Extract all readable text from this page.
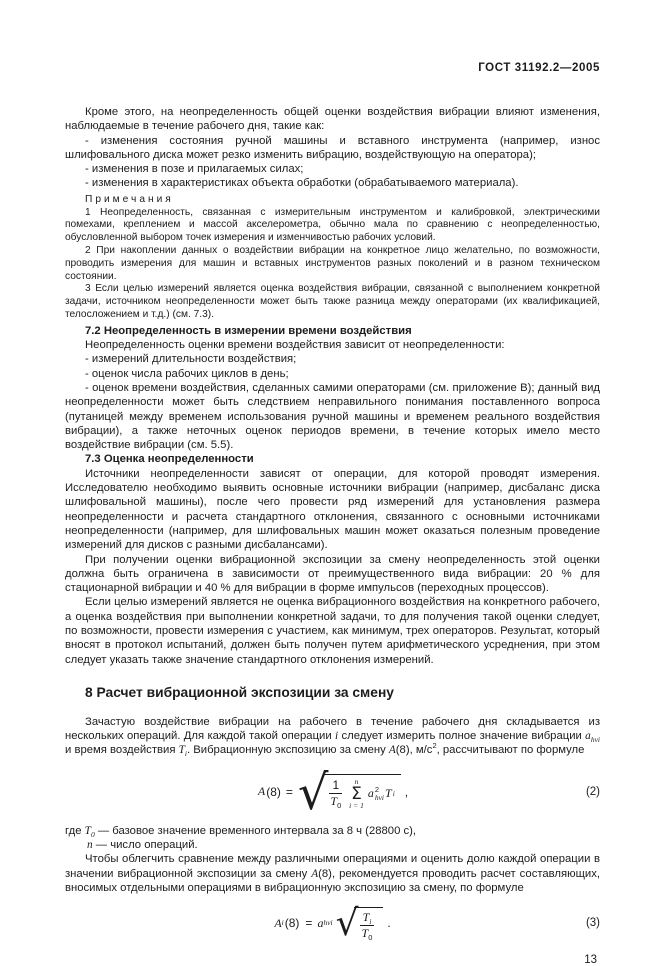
ГОСТ 31192.2—2005

Кроме этого, на неопределенность общей оценки воздействия вибрации влияют изменения, наблюдаемые в течение рабочего дня, такие как:

- изменения состояния ручной машины и вставного инструмента (например, износ шлифовального диска может резко изменить вибрацию, воздействующую на оператора);

- изменения в позе и прилагаемых силах;

- изменения в характеристиках объекта обработки (обрабатываемого материала).

Примечания

1 Неопределенность, связанная с измерительным инструментом и калибровкой, электрическими помехами, креплением и массой акселерометра, обычно мала по сравнению с неопределенностью, обусловленной выбором точек измерения и изменчивостью рабочих условий.

2 При накоплении данных о воздействии вибрации на конкретное лицо желательно, по возможности, проводить измерения для машин и вставных инструментов разных поколений и в разном техническом состоянии.

3 Если целью измерений является оценка воздействия вибрации, связанной с выполнением конкретной задачи, источником неопределенности может быть также разница между операторами (их квалификацией, телосложением и т.д.) (см. 7.3).

7.2 Неопределенность в измерении времени воздействия

Неопределенность оценки времени воздействия зависит от неопределенности:

- измерений длительности воздействия;

- оценок числа рабочих циклов в день;

- оценок времени воздействия, сделанных самими операторами (см. приложение В); данный вид неопределенности может быть следствием неправильного понимания поставленного вопроса (путаницей между временем использования ручной машины и временем реального воздействия вибрации), а также неточных оценок периодов времени, в течение которых имело место воздействие вибрации (см. 5.5).

7.3 Оценка неопределенности

Источники неопределенности зависят от операции, для которой проводят измерения. Исследователю необходимо выявить основные источники вибрации (например, дисбаланс диска шлифовальной машины), после чего провести ряд измерений для установления размера неопределенности и расчета стандартного отклонения, связанного с основными источниками неопределенности (например, для шлифовальных машин может оказаться полезным проведение измерений для дисков с разными дисбалансами).

При получении оценки вибрационной экспозиции за смену неопределенность этой оценки должна быть ограничена в зависимости от преимущественного вида вибрации: 20 % для стационарной вибрации и 40 % для вибрации в форме импульсов (переходных процессов).

Если целью измерений является не оценка вибрационного воздействия на конкретного рабочего, а оценка воздействия при выполнении конкретной задачи, то для получения такой оценки следует, по возможности, провести измерения с участием, как минимум, трех операторов. Результат, который вносят в протокол испытаний, должен быть получен путем арифметического усреднения, при этом следует указать также значение стандартного отклонения измерений.

8 Расчет вибрационной экспозиции за смену

Зачастую воздействие вибрации на рабочего в течение рабочего дня складывается из нескольких операций. Для каждой такой операции i следует измерить полное значение вибрации $a_{hvi}$ и время воздействия $T_i$. Вибрационную экспозицию за смену A(8), $м/с^2$, рассчитывают по формуле

A (8) = √ $\frac{1}{T_0}$ n
Σ
i = 1
a 2
hvi T i ,	(2)

где $T_0$ — базовое значение временного интервала за 8 ч (28800 с),

n — число операций.

Чтобы облегчить сравнение между различными операциями и оценить долю каждой операции в значении вибрационной экспозиции за смену A(8), рекомендуется проводить расчет составляющих, вносимых отдельными операциями в вибрационную экспозицию за смену, по формуле

A i (8) = a hvi √ $\frac{T_i}{T_0}$ .	(3)
13
